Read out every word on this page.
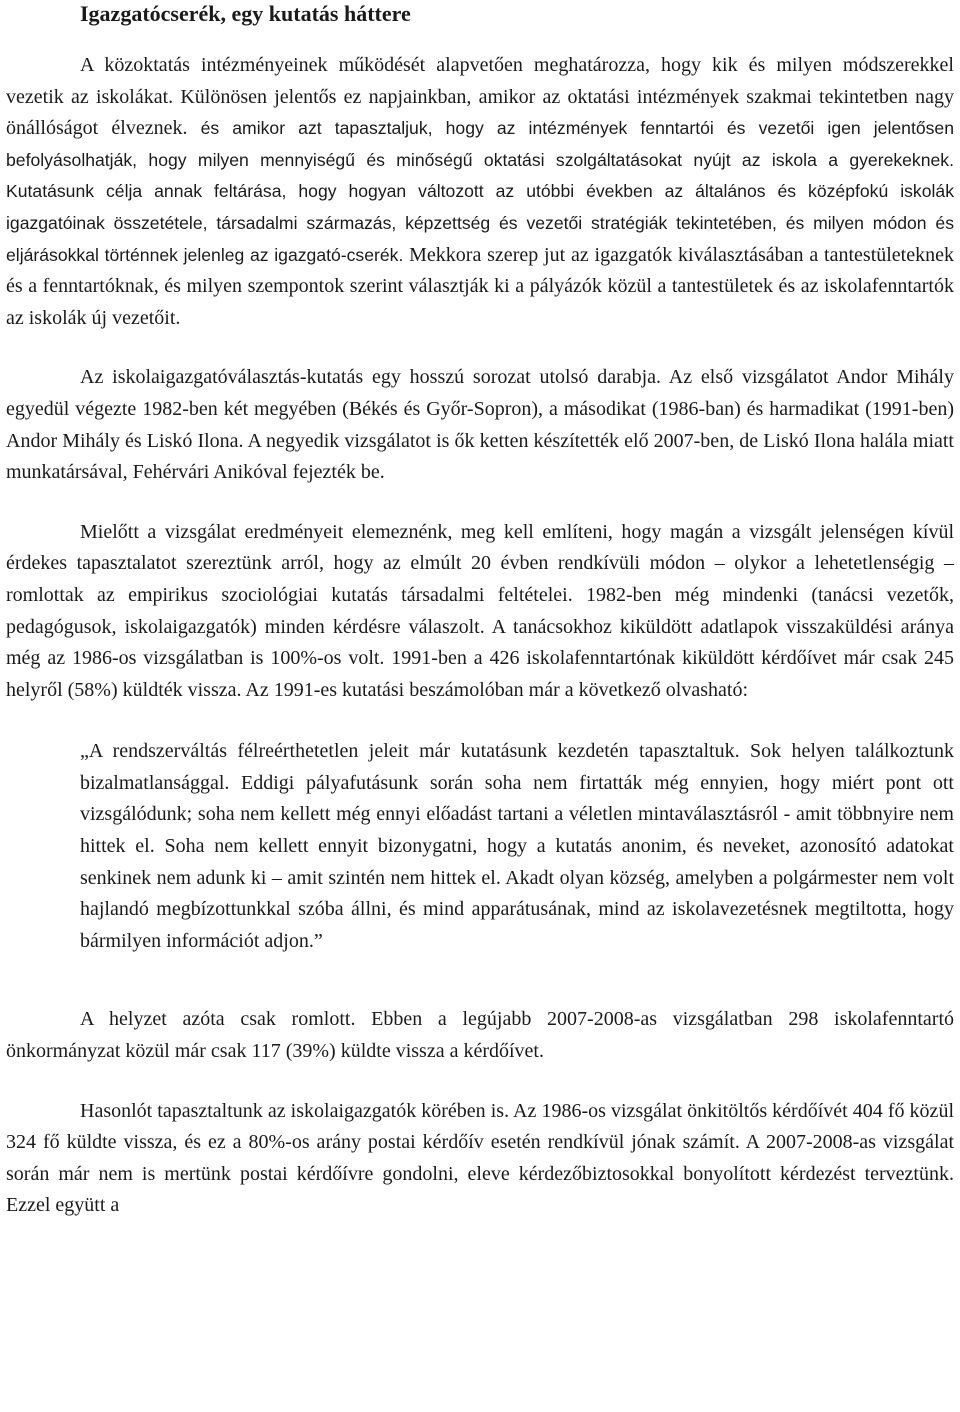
Igazgatócserék, egy kutatás háttere

A közoktatás intézményeinek működését alapvetően meghatározza, hogy kik és milyen módszerekkel vezetik az iskolákat. Különösen jelentős ez napjainkban, amikor az oktatási intézmények szakmai tekintetben nagy önállóságot élveznek. és amikor azt tapasztaljuk, hogy az intézmények fenntartói és vezetői igen jelentősen befolyásolhatják, hogy milyen mennyiségű és minőségű oktatási szolgáltatásokat nyújt az iskola a gyerekeknek. Kutatásunk célja annak feltárása, hogy hogyan változott az utóbbi években az általános és középfokú iskolák igazgatóinak összetétele, társadalmi származás, képzettség és vezetői stratégiák tekintetében, és milyen módon és eljárásokkal történnek jelenleg az igazgató-cserék. Mekkora szerep jut az igazgatók kiválasztásában a tantestületeknek és a fenntartóknak, és milyen szempontok szerint választják ki a pályázók közül a tantestületek és az iskolafenntartók az iskolák új vezetőit.

Az iskolaigazgatóválasztás-kutatás egy hosszú sorozat utolsó darabja. Az első vizsgálatot Andor Mihály egyedül végezte 1982-ben két megyében (Békés és Győr-Sopron), a másodikat (1986-ban) és harmadikat (1991-ben) Andor Mihály és Liskó Ilona. A negyedik vizsgálatot is ők ketten készítették elő 2007-ben, de Liskó Ilona halála miatt munkatársával, Fehérvári Anikóval fejezték be.

Mielőtt a vizsgálat eredményeit elemeznénk, meg kell említeni, hogy magán a vizsgált jelenségen kívül érdekes tapasztalatot szereztünk arról, hogy az elmúlt 20 évben rendkívüli módon – olykor a lehetetlenségig – romlottak az empirikus szociológiai kutatás társadalmi feltételei. 1982-ben még mindenki (tanácsi vezetők, pedagógusok, iskolaigazgatók) minden kérdésre válaszolt. A tanácsokhoz kiküldött adatlapok visszaküldési aránya még az 1986-os vizsgálatban is 100%-os volt. 1991-ben a 426 iskolafenntartónak kiküldött kérdőívet már csak 245 helyről (58%) küldték vissza. Az 1991-es kutatási beszámolóban már a következő olvasható:

„A rendszerváltás félreérthetetlen jeleit már kutatásunk kezdetén tapasztaltuk. Sok helyen találkoztunk bizalmatlansággal. Eddigi pályafutásunk során soha nem firtatták még ennyien, hogy miért pont ott vizsgálódunk; soha nem kellett még ennyi előadást tartani a véletlen mintaválasztásról - amit többnyire nem hittek el. Soha nem kellett ennyit bizonygatni, hogy a kutatás anonim, és neveket, azonosító adatokat senkinek nem adunk ki – amit szintén nem hittek el. Akadt olyan község, amelyben a polgármester nem volt hajlandó megbízottunkkal szóba állni, és mind apparátusának, mind az iskolavezetésnek megtiltotta, hogy bármilyen információt adjon.”

A helyzet azóta csak romlott. Ebben a legújabb 2007-2008-as vizsgálatban 298 iskolafenntartó önkormányzat közül már csak 117 (39%) küldte vissza a kérdőívet.

Hasonlót tapasztaltunk az iskolaigazgatók körében is. Az 1986-os vizsgálat önkitöltős kérdőívét 404 fő közül 324 fő küldte vissza, és ez a 80%-os arány postai kérdőív esetén rendkívül jónak számít. A 2007-2008-as vizsgálat során már nem is mertünk postai kérdőívre gondolni, eleve kérdezőbiztosokkal bonyolított kérdezést terveztünk. Ezzel együtt a
